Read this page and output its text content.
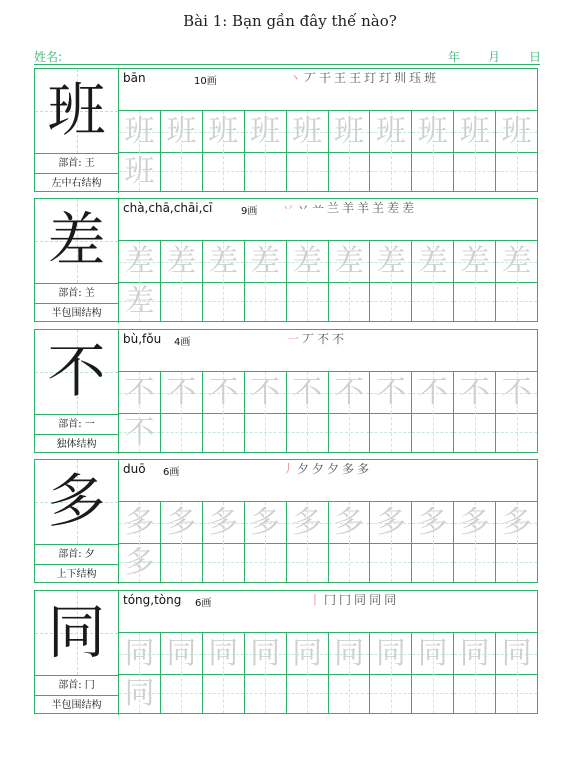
Bài 1: Bạn gần đây thế nào?
姓名:	年 月 日
班
部首: 王
左中右结构
bān	10画	丶丆干王王玎玎玔珏班
班 班 班 班 班 班 班 班 班 班
班
差
部首: 𦍌
半包围结构
chà,chā,chāi,cī	9画 丷丷䒑兰羊羊𦍌差差
差 差 差 差 差 差 差 差 差 差
差
不
部首: 一
独体结构
bù,fǒu 4画	一丆不不
不 不 不 不 不 不 不 不 不 不
不
多
部首: 夕
上下结构
duō 6画	丿夕夕夕多多
多 多 多 多 多 多 多 多 多 多
多
同
部首: 冂
半包围结构
tóng,tòng 6画	丨冂冂同同同
同 同 同 同 同 同 同 同 同 同
同
